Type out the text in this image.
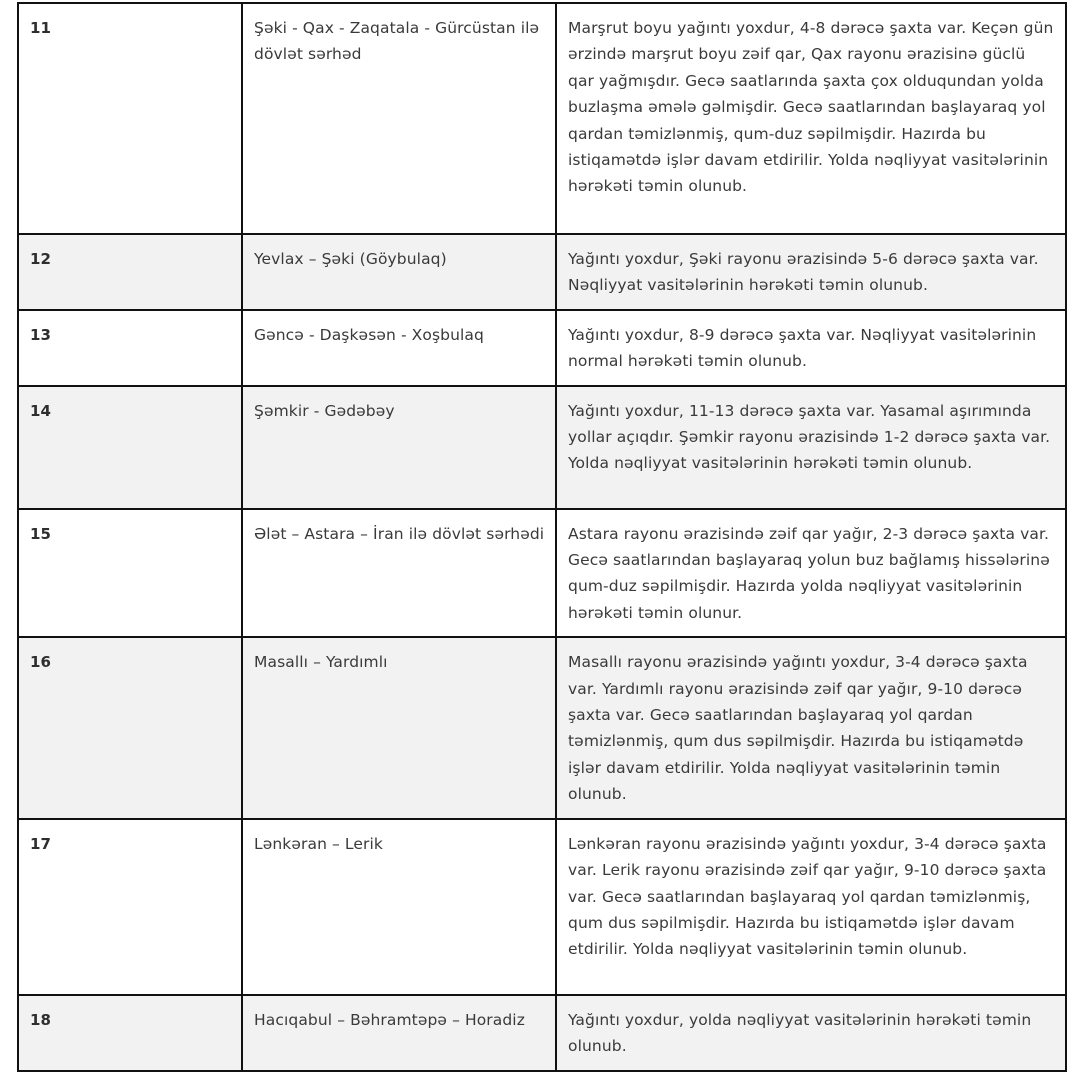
11	Şəki - Qax - Zaqatala - Gürcüstan ilə dövlət sərhəd	Marşrut boyu yağıntı yoxdur, 4-8 dərəcə şaxta var. Keçən gün ərzində marşrut boyu zəif qar, Qax rayonu ərazisinə güclü qar yağmışdır. Gecə saatlarında şaxta çox olduqundan yolda buzlaşma əmələ gəlmişdir. Gecə saatlarından başlayaraq yol qardan təmizlənmiş, qum-duz səpilmişdir. Hazırda bu istiqamətdə işlər davam etdirilir. Yolda nəqliyyat vasitələrinin hərəkəti təmin olunub.
12	Yevlax – Şəki (Göybulaq)	Yağıntı yoxdur, Şəki rayonu ərazisində 5-6 dərəcə şaxta var. Nəqliyyat vasitələrinin hərəkəti təmin olunub.
13	Gəncə - Daşkəsən - Xoşbulaq	Yağıntı yoxdur, 8-9 dərəcə şaxta var. Nəqliyyat vasitələrinin normal hərəkəti təmin olunub.
14	Şəmkir - Gədəbəy	Yağıntı yoxdur, 11-13 dərəcə şaxta var. Yasamal aşırımında yollar açıqdır. Şəmkir rayonu ərazisində 1-2 dərəcə şaxta var. Yolda nəqliyyat vasitələrinin hərəkəti təmin olunub.
15	Ələt – Astara – İran ilə dövlət sərhədi	Astara rayonu ərazisində zəif qar yağır, 2-3 dərəcə şaxta var. Gecə saatlarından başlayaraq yolun buz bağlamış hissələrinə qum-duz səpilmişdir. Hazırda yolda nəqliyyat vasitələrinin hərəkəti təmin olunur.
16	Masallı – Yardımlı	Masallı rayonu ərazisində yağıntı yoxdur, 3-4 dərəcə şaxta var. Yardımlı rayonu ərazisində zəif qar yağır, 9-10 dərəcə şaxta var. Gecə saatlarından başlayaraq yol qardan təmizlənmiş, qum dus səpilmişdir. Hazırda bu istiqamətdə işlər davam etdirilir. Yolda nəqliyyat vasitələrinin təmin olunub.
17	Lənkəran – Lerik	Lənkəran rayonu ərazisində yağıntı yoxdur, 3-4 dərəcə şaxta var. Lerik rayonu ərazisində zəif qar yağır, 9-10 dərəcə şaxta var. Gecə saatlarından başlayaraq yol qardan təmizlənmiş, qum dus səpilmişdir. Hazırda bu istiqamətdə işlər davam etdirilir. Yolda nəqliyyat vasitələrinin təmin olunub.
18	Hacıqabul – Bəhramtəpə – Horadiz	Yağıntı yoxdur, yolda nəqliyyat vasitələrinin hərəkəti təmin olunub.
